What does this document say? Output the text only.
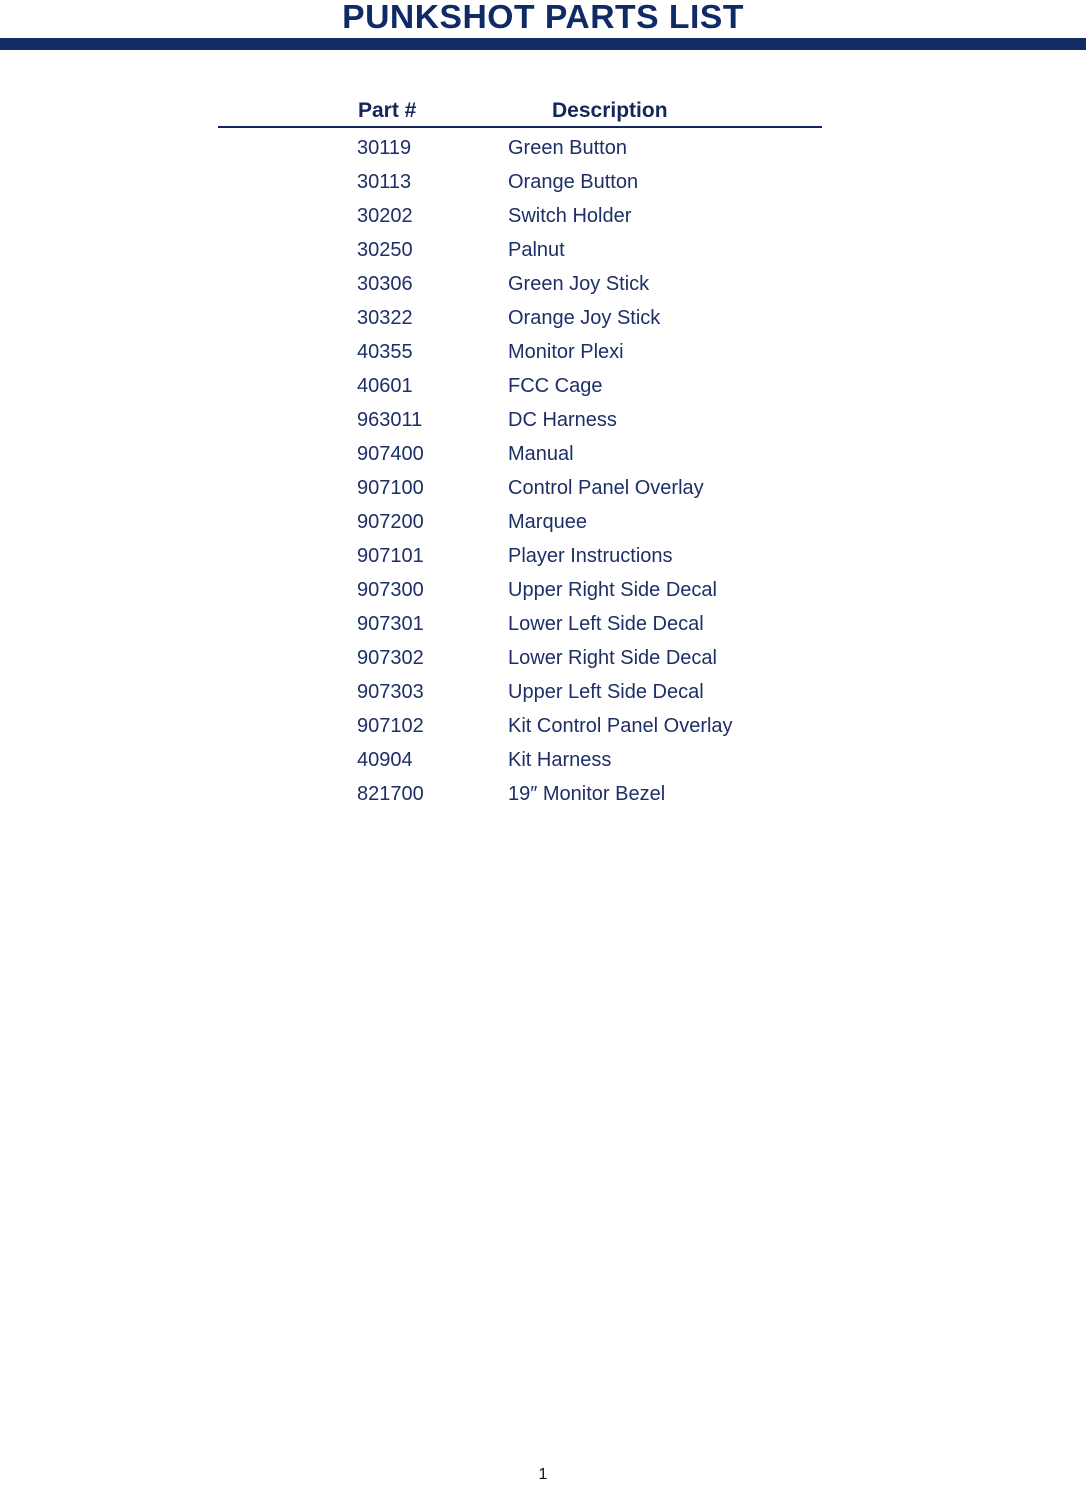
PUNKSHOT PARTS LIST
Part #	Description
30119	Green Button
30113	Orange Button
30202	Switch Holder
30250	Palnut
30306	Green Joy Stick
30322	Orange Joy Stick
40355	Monitor Plexi
40601	FCC Cage
963011	DC Harness
907400	Manual
907100	Control Panel Overlay
907200	Marquee
907101	Player Instructions
907300	Upper Right Side Decal
907301	Lower Left Side Decal
907302	Lower Right Side Decal
907303	Upper Left Side Decal
907102	Kit Control Panel Overlay
40904	Kit Harness
821700	19″ Monitor Bezel
1
